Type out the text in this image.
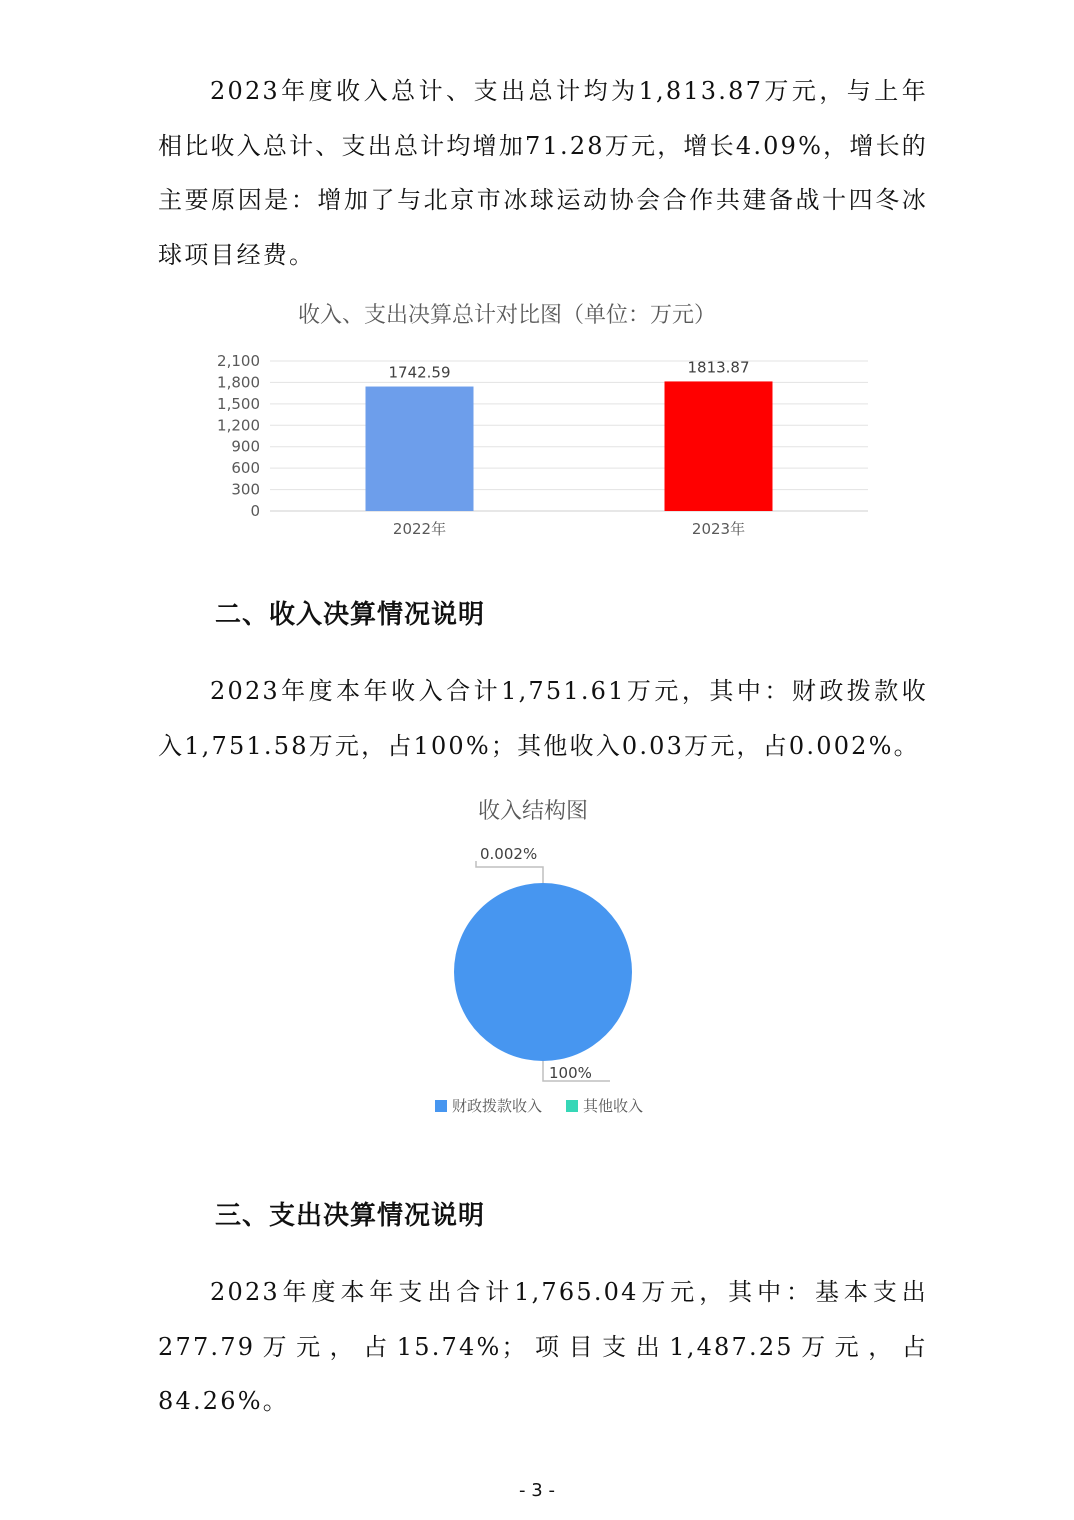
2023年度收入总计、支出总计均为1,813.87万元，与上年相比收入总计、支出总计均增加71.28万元，增长4.09%，增长的主要原因是：增加了与北京市冰球运动协会合作共建备战十四冬冰球项目经费。

收入、支出决算总计对比图（单位：万元）
0
300
600
900
1,200
1,500
1,800
2,100
1742.59
2022年
1813.87
2023年
二、收入决算情况说明

2023年度本年收入合计1,751.61万元，其中：财政拨款收入1,751.58万元，占100%；其他收入0.03万元，占0.002%。

收入结构图
0.002%
100%
财政拨款收入	其他收入
三、支出决算情况说明

2023年度本年支出合计1,765.04万元，其中：基本支出277.79万元，占15.74%；项目支出1,487.25万元，占84.26%。

- 3 -
